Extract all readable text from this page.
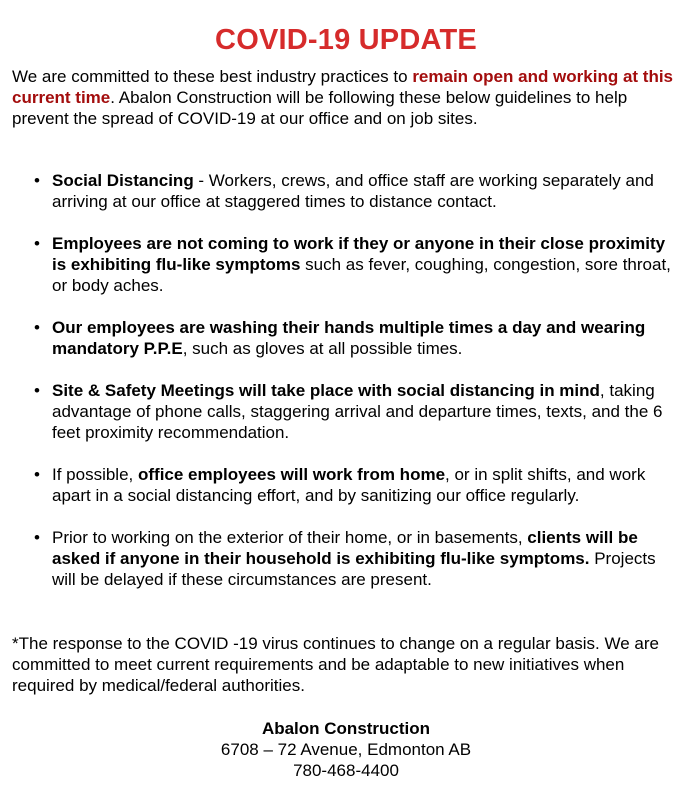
COVID-19 UPDATE

We are committed to these best industry practices to remain open and working at this current time. Abalon Construction will be following these below guidelines to help prevent the spread of COVID-19 at our office and on job sites.

• Social Distancing - Workers, crews, and office staff are working separately and arriving at our office at staggered times to distance contact.
• Employees are not coming to work if they or anyone in their close proximity is exhibiting flu-like symptoms such as fever, coughing, congestion, sore throat, or body aches.
• Our employees are washing their hands multiple times a day and wearing mandatory P.P.E, such as gloves at all possible times.
• Site & Safety Meetings will take place with social distancing in mind, taking advantage of phone calls, staggering arrival and departure times, texts, and the 6 feet proximity recommendation.
• If possible, office employees will work from home, or in split shifts, and work apart in a social distancing effort, and by sanitizing our office regularly.
• Prior to working on the exterior of their home, or in basements, clients will be asked if anyone in their household is exhibiting flu-like symptoms. Projects will be delayed if these circumstances are present.

*The response to the COVID -19 virus continues to change on a regular basis. We are committed to meet current requirements and be adaptable to new initiatives when required by medical/federal authorities.

Abalon Construction
6708 – 72 Avenue, Edmonton AB
780-468-4400
